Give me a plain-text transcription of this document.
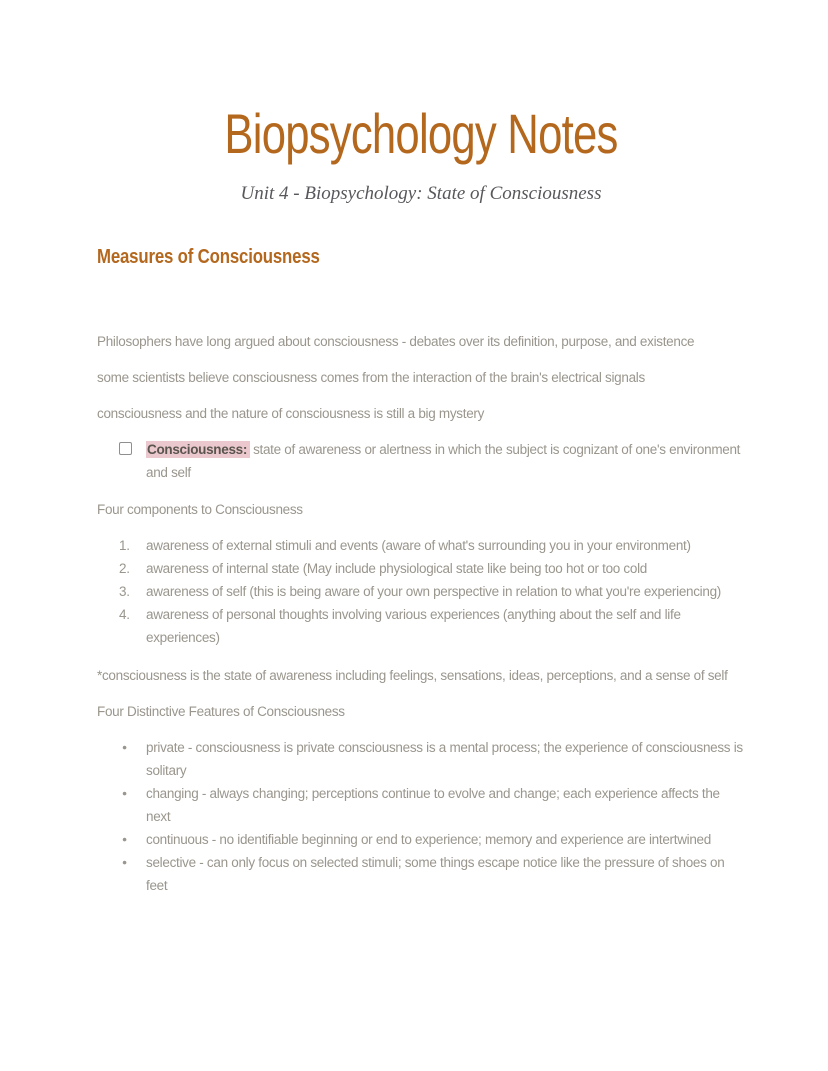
Biopsychology Notes
Unit 4 - Biopsychology: State of Consciousness
Measures of Consciousness

Philosophers have long argued about consciousness - debates over its definition, purpose, and existence

some scientists believe consciousness comes from the interaction of the brain's electrical signals

consciousness and the nature of consciousness is still a big mystery

Consciousness: state of awareness or alertness in which the subject is cognizant of one's environment and self

Four components to Consciousness

1. awareness of external stimuli and events (aware of what's surrounding you in your environment)
2. awareness of internal state (May include physiological state like being too hot or too cold
3. awareness of self (this is being aware of your own perspective in relation to what you're experiencing)
4. awareness of personal thoughts involving various experiences (anything about the self and life experiences)

*consciousness is the state of awareness including feelings, sensations, ideas, perceptions, and a sense of self

Four Distinctive Features of Consciousness

● private - consciousness is private consciousness is a mental process; the experience of consciousness is solitary
● changing - always changing; perceptions continue to evolve and change; each experience affects the next
● continuous - no identifiable beginning or end to experience; memory and experience are intertwined
● selective - can only focus on selected stimuli; some things escape notice like the pressure of shoes on feet
